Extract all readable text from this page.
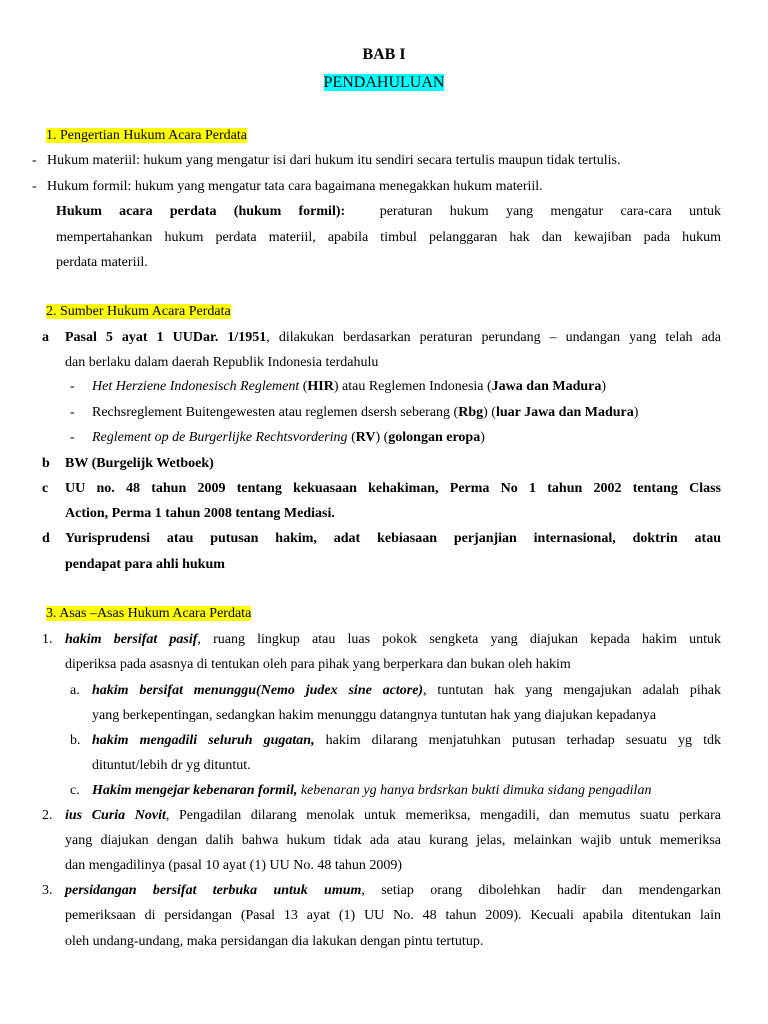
BAB I
PENDAHULUAN
1. Pengertian Hukum Acara Perdata
- Hukum materiil: hukum yang mengatur isi dari hukum itu sendiri secara tertulis maupun tidak tertulis.
- Hukum formil: hukum yang mengatur tata cara bagaimana menegakkan hukum materiil.
Hukum acara perdata (hukum formil): peraturan hukum yang mengatur cara-cara untuk
mempertahankan hukum perdata materiil, apabila timbul pelanggaran hak dan kewajiban pada hukum
perdata materiil.
2. Sumber Hukum Acara Perdata
a Pasal 5 ayat 1 UUDar. 1/1951, dilakukan berdasarkan peraturan perundang – undangan yang telah ada
dan berlaku dalam daerah Republik Indonesia terdahulu
- Het Herziene Indonesisch Reglement (HIR) atau Reglemen Indonesia (Jawa dan Madura)
- Rechsreglement Buitengewesten atau reglemen dsersh seberang (Rbg) (luar Jawa dan Madura)
- Reglement op de Burgerlijke Rechtsvordering (RV) (golongan eropa)
b BW (Burgelijk Wetboek)
c UU no. 48 tahun 2009 tentang kekuasaan kehakiman, Perma No 1 tahun 2002 tentang Class
Action, Perma 1 tahun 2008 tentang Mediasi.
d Yurisprudensi atau putusan hakim, adat kebiasaan perjanjian internasional, doktrin atau
pendapat para ahli hukum
3. Asas –Asas Hukum Acara Perdata
1. hakim bersifat pasif, ruang lingkup atau luas pokok sengketa yang diajukan kepada hakim untuk
diperiksa pada asasnya di tentukan oleh para pihak yang berperkara dan bukan oleh hakim
a. hakim bersifat menunggu(Nemo judex sine actore), tuntutan hak yang mengajukan adalah pihak
yang berkepentingan, sedangkan hakim menunggu datangnya tuntutan hak yang diajukan kepadanya
b. hakim mengadili seluruh gugatan, hakim dilarang menjatuhkan putusan terhadap sesuatu yg tdk
dituntut/lebih dr yg dituntut.
c. Hakim mengejar kebenaran formil, kebenaran yg hanya brdsrkan bukti dimuka sidang pengadilan
2. ius Curia Novit, Pengadilan dilarang menolak untuk memeriksa, mengadili, dan memutus suatu perkara
yang diajukan dengan dalih bahwa hukum tidak ada atau kurang jelas, melainkan wajib untuk memeriksa
dan mengadilinya (pasal 10 ayat (1) UU No. 48 tahun 2009)
3. persidangan bersifat terbuka untuk umum, setiap orang dibolehkan hadir dan mendengarkan
pemeriksaan di persidangan (Pasal 13 ayat (1) UU No. 48 tahun 2009). Kecuali apabila ditentukan lain
oleh undang-undang, maka persidangan dia lakukan dengan pintu tertutup.
